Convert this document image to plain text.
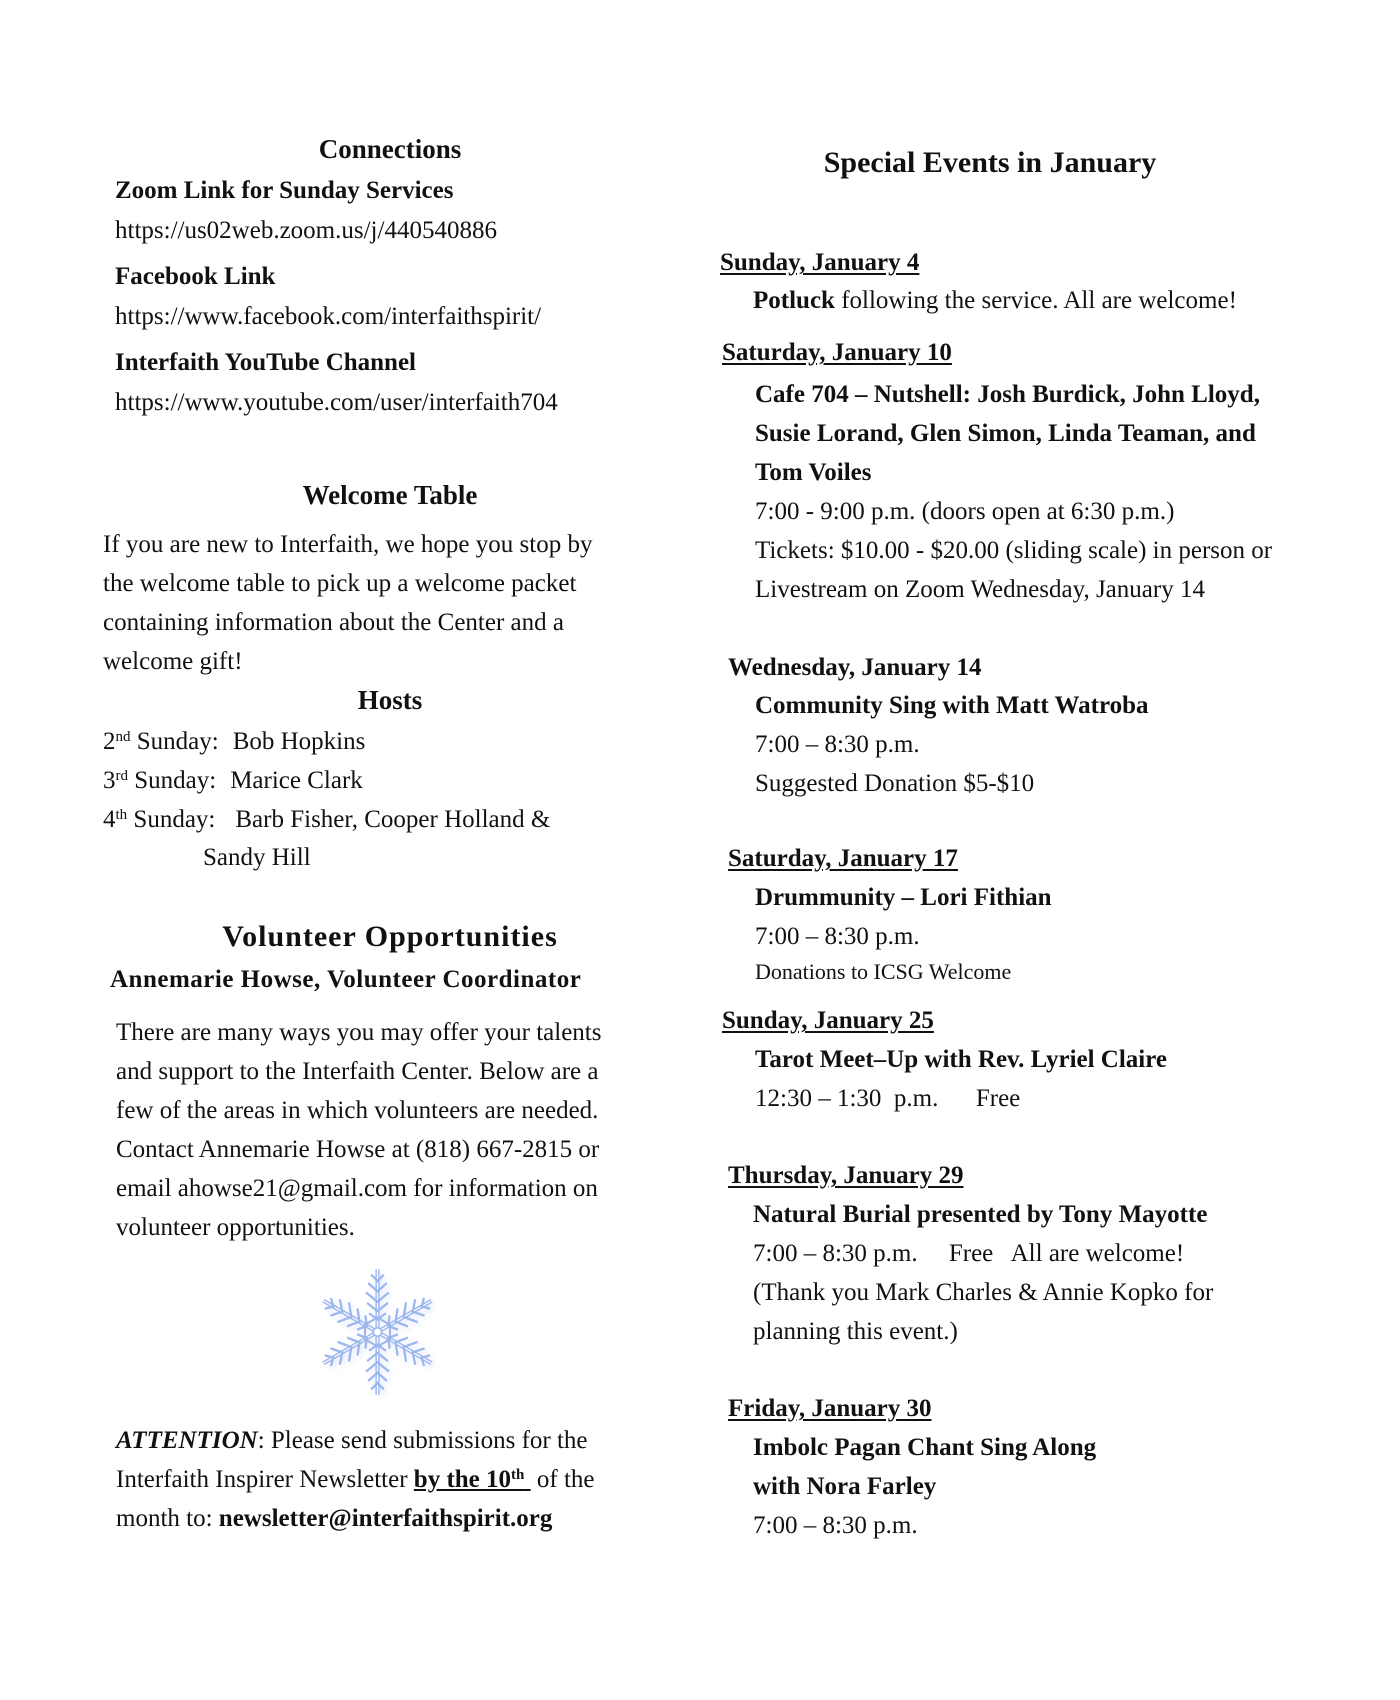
Connections
Zoom Link for Sunday Services
https://us02web.zoom.us/j/440540886
Facebook Link
https://www.facebook.com/interfaithspirit/
Interfaith YouTube Channel
https://www.youtube.com/user/interfaith704
Welcome Table
If you are new to Interfaith, we hope you stop by
the welcome table to pick up a welcome packet
containing information about the Center and a
welcome gift!
Hosts
2nd Sunday: Bob Hopkins
3rd Sunday: Marice Clark
4th Sunday: Barb Fisher, Cooper Holland &
Sandy Hill
Volunteer Opportunities
Annemarie Howse, Volunteer Coordinator
There are many ways you may offer your talents
and support to the Interfaith Center. Below are a
few of the areas in which volunteers are needed.
Contact Annemarie Howse at (818) 667-2815 or
email ahowse21@gmail.com for information on
volunteer opportunities.
ATTENTION: Please send submissions for the
Interfaith Inspirer Newsletter by the 10th  of the
month to: newsletter@interfaithspirit.org
Special Events in January
Sunday, January 4
Potluck following the service. All are welcome!
Saturday, January 10
Cafe 704 – Nutshell: Josh Burdick, John Lloyd,
Susie Lorand, Glen Simon, Linda Teaman, and
Tom Voiles
7:00 - 9:00 p.m. (doors open at 6:30 p.m.)
Tickets: $10.00 - $20.00 (sliding scale) in person or
Livestream on Zoom Wednesday, January 14
Wednesday, January 14
Community Sing with Matt Watroba
7:00 – 8:30 p.m.
Suggested Donation $5-$10
Saturday, January 17
Drummunity – Lori Fithian
7:00 – 8:30 p.m.
Donations to ICSG Welcome
Sunday, January 25
Tarot Meet–Up with Rev. Lyriel Claire
12:30 – 1:30  p.m.      Free
Thursday, January 29
Natural Burial presented by Tony Mayotte
7:00 – 8:30 p.m.     Free   All are welcome!
(Thank you Mark Charles & Annie Kopko for
planning this event.)
Friday, January 30
Imbolc Pagan Chant Sing Along
with Nora Farley
7:00 – 8:30 p.m.
